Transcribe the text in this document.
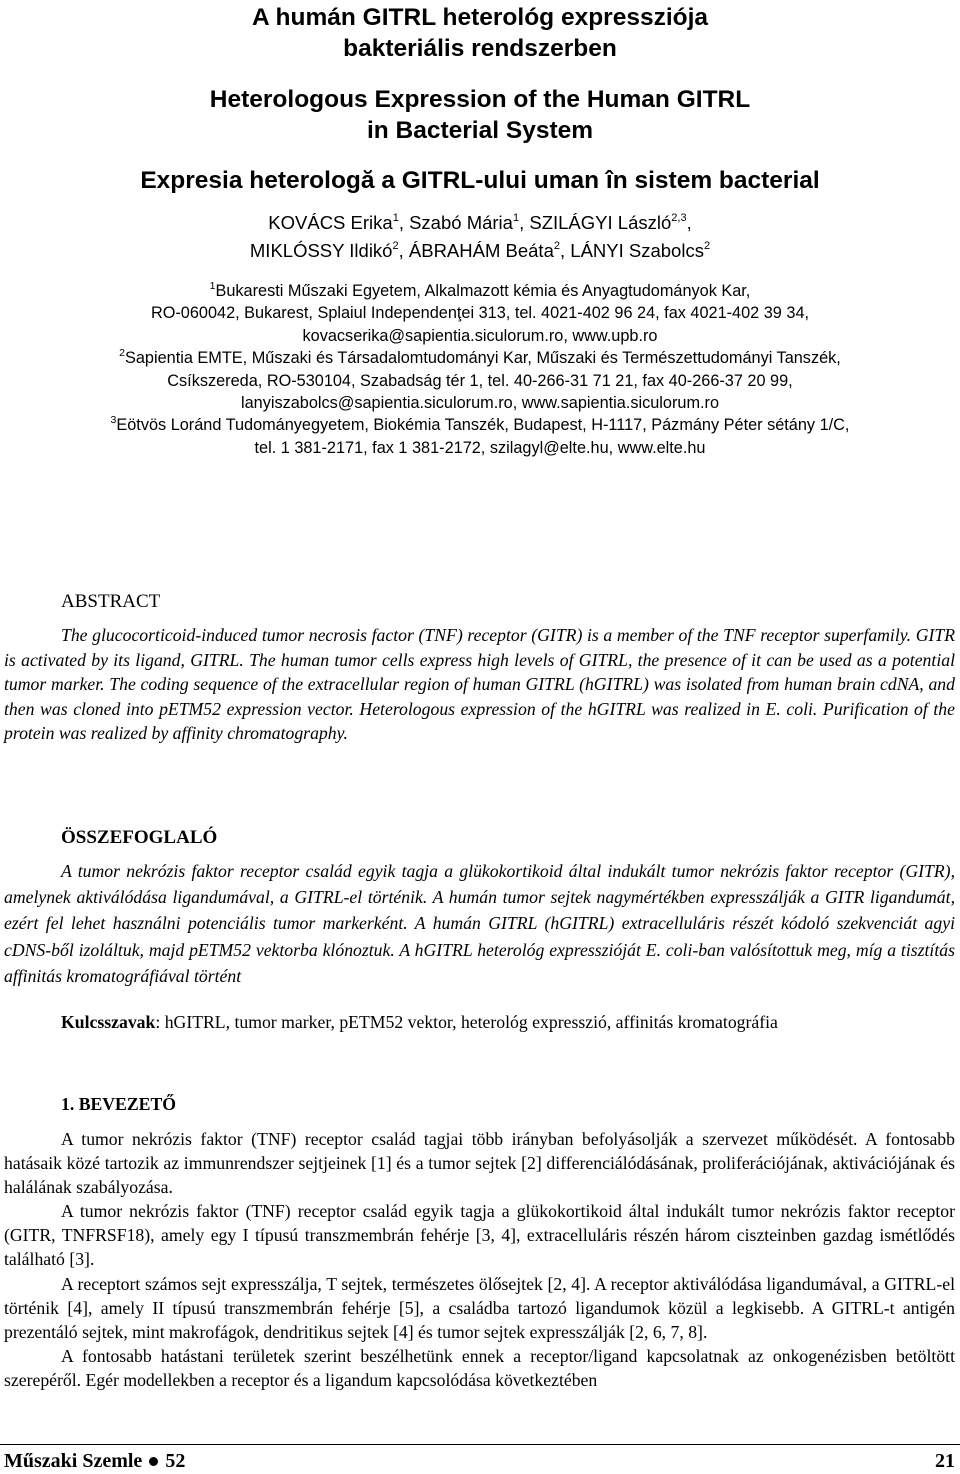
A humán GITRL heterológ expressziója
bakteriális rendszerben
Heterologous Expression of the Human GITRL
in Bacterial System
Expresia heterologă a GITRL-ului uman în sistem bacterial
KOVÁCS Erika$^1$, Szabó Mária$^1$, SZILÁGYI László$^{2,3}$,
MIKLÓSSY Ildikó$^2$, ÁBRAHÁM Beáta$^2$, LÁNYI Szabolcs$^2$
$^1$Bukaresti Műszaki Egyetem, Alkalmazott kémia és Anyagtudományok Kar,
RO-060042, Bukarest, Splaiul Independenţei 313, tel. 4021-402 96 24, fax 4021-402 39 34,
kovacserika@sapientia.siculorum.ro, www.upb.ro
$^2$Sapientia EMTE, Műszaki és Társadalomtudományi Kar, Műszaki és Természettudományi Tanszék,
Csíkszereda, RO-530104, Szabadság tér 1, tel. 40-266-31 71 21, fax 40-266-37 20 99,
lanyiszabolcs@sapientia.siculorum.ro, www.sapientia.siculorum.ro
$^3$Eötvös Loránd Tudományegyetem, Biokémia Tanszék, Budapest, H-1117, Pázmány Péter sétány 1/C,
tel. 1 381-2171, fax 1 381-2172, szilagyl@elte.hu, www.elte.hu
ABSTRACT

The glucocorticoid-induced tumor necrosis factor (TNF) receptor (GITR) is a member of the TNF receptor superfamily. GITR is activated by its ligand, GITRL. The human tumor cells express high levels of GITRL, the presence of it can be used as a potential tumor marker. The coding sequence of the extracellular region of human GITRL (hGITRL) was isolated from human brain cdNA, and then was cloned into pETM52 expression vector. Heterologous expression of the hGITRL was realized in E. coli. Purification of the protein was realized by affinity chromatography.

ÖSSZEFOGLALÓ

A tumor nekrózis faktor receptor család egyik tagja a glükokortikoid által indukált tumor nekrózis faktor receptor (GITR), amelynek aktiválódása ligandumával, a GITRL-el történik. A humán tumor sejtek nagymértékben expresszálják a GITR ligandumát, ezért fel lehet használni potenciális tumor markerként. A humán GITRL (hGITRL) extracelluláris részét kódoló szekvenciát agyi cDNS-ből izoláltuk, majd pETM52 vektorba klónoztuk. A hGITRL heterológ expresszióját E. coli-ban valósítottuk meg, míg a tisztítás affinitás kromatográfiával történt

Kulcsszavak: hGITRL, tumor marker, pETM52 vektor, heterológ expresszió, affinitás kromatográfia
1. BEVEZETŐ

A tumor nekrózis faktor (TNF) receptor család tagjai több irányban befolyásolják a szervezet működését. A fontosabb hatásaik közé tartozik az immunrendszer sejtjeinek [1] és a tumor sejtek [2] differenciálódásának, proliferációjának, aktivációjának és halálának szabályozása.

A tumor nekrózis faktor (TNF) receptor család egyik tagja a glükokortikoid által indukált tumor nekrózis faktor receptor (GITR, TNFRSF18), amely egy I típusú transzmembrán fehérje [3, 4], extracelluláris részén három ciszteinben gazdag ismétlődés található [3].

A receptort számos sejt expresszálja, T sejtek, természetes ölősejtek [2, 4]. A receptor aktiválódása ligandumával, a GITRL-el történik [4], amely II típusú transzmembrán fehérje [5], a családba tartozó ligandumok közül a legkisebb. A GITRL-t antigén prezentáló sejtek, mint makrofágok, dendritikus sejtek [4] és tumor sejtek expresszálják [2, 6, 7, 8].

A fontosabb hatástani területek szerint beszélhetünk ennek a receptor/ligand kapcsolatnak az onkogenézisben betöltött szerepéről. Egér modellekben a receptor és a ligandum kapcsolódása következtében

Műszaki Szemle 52	21
